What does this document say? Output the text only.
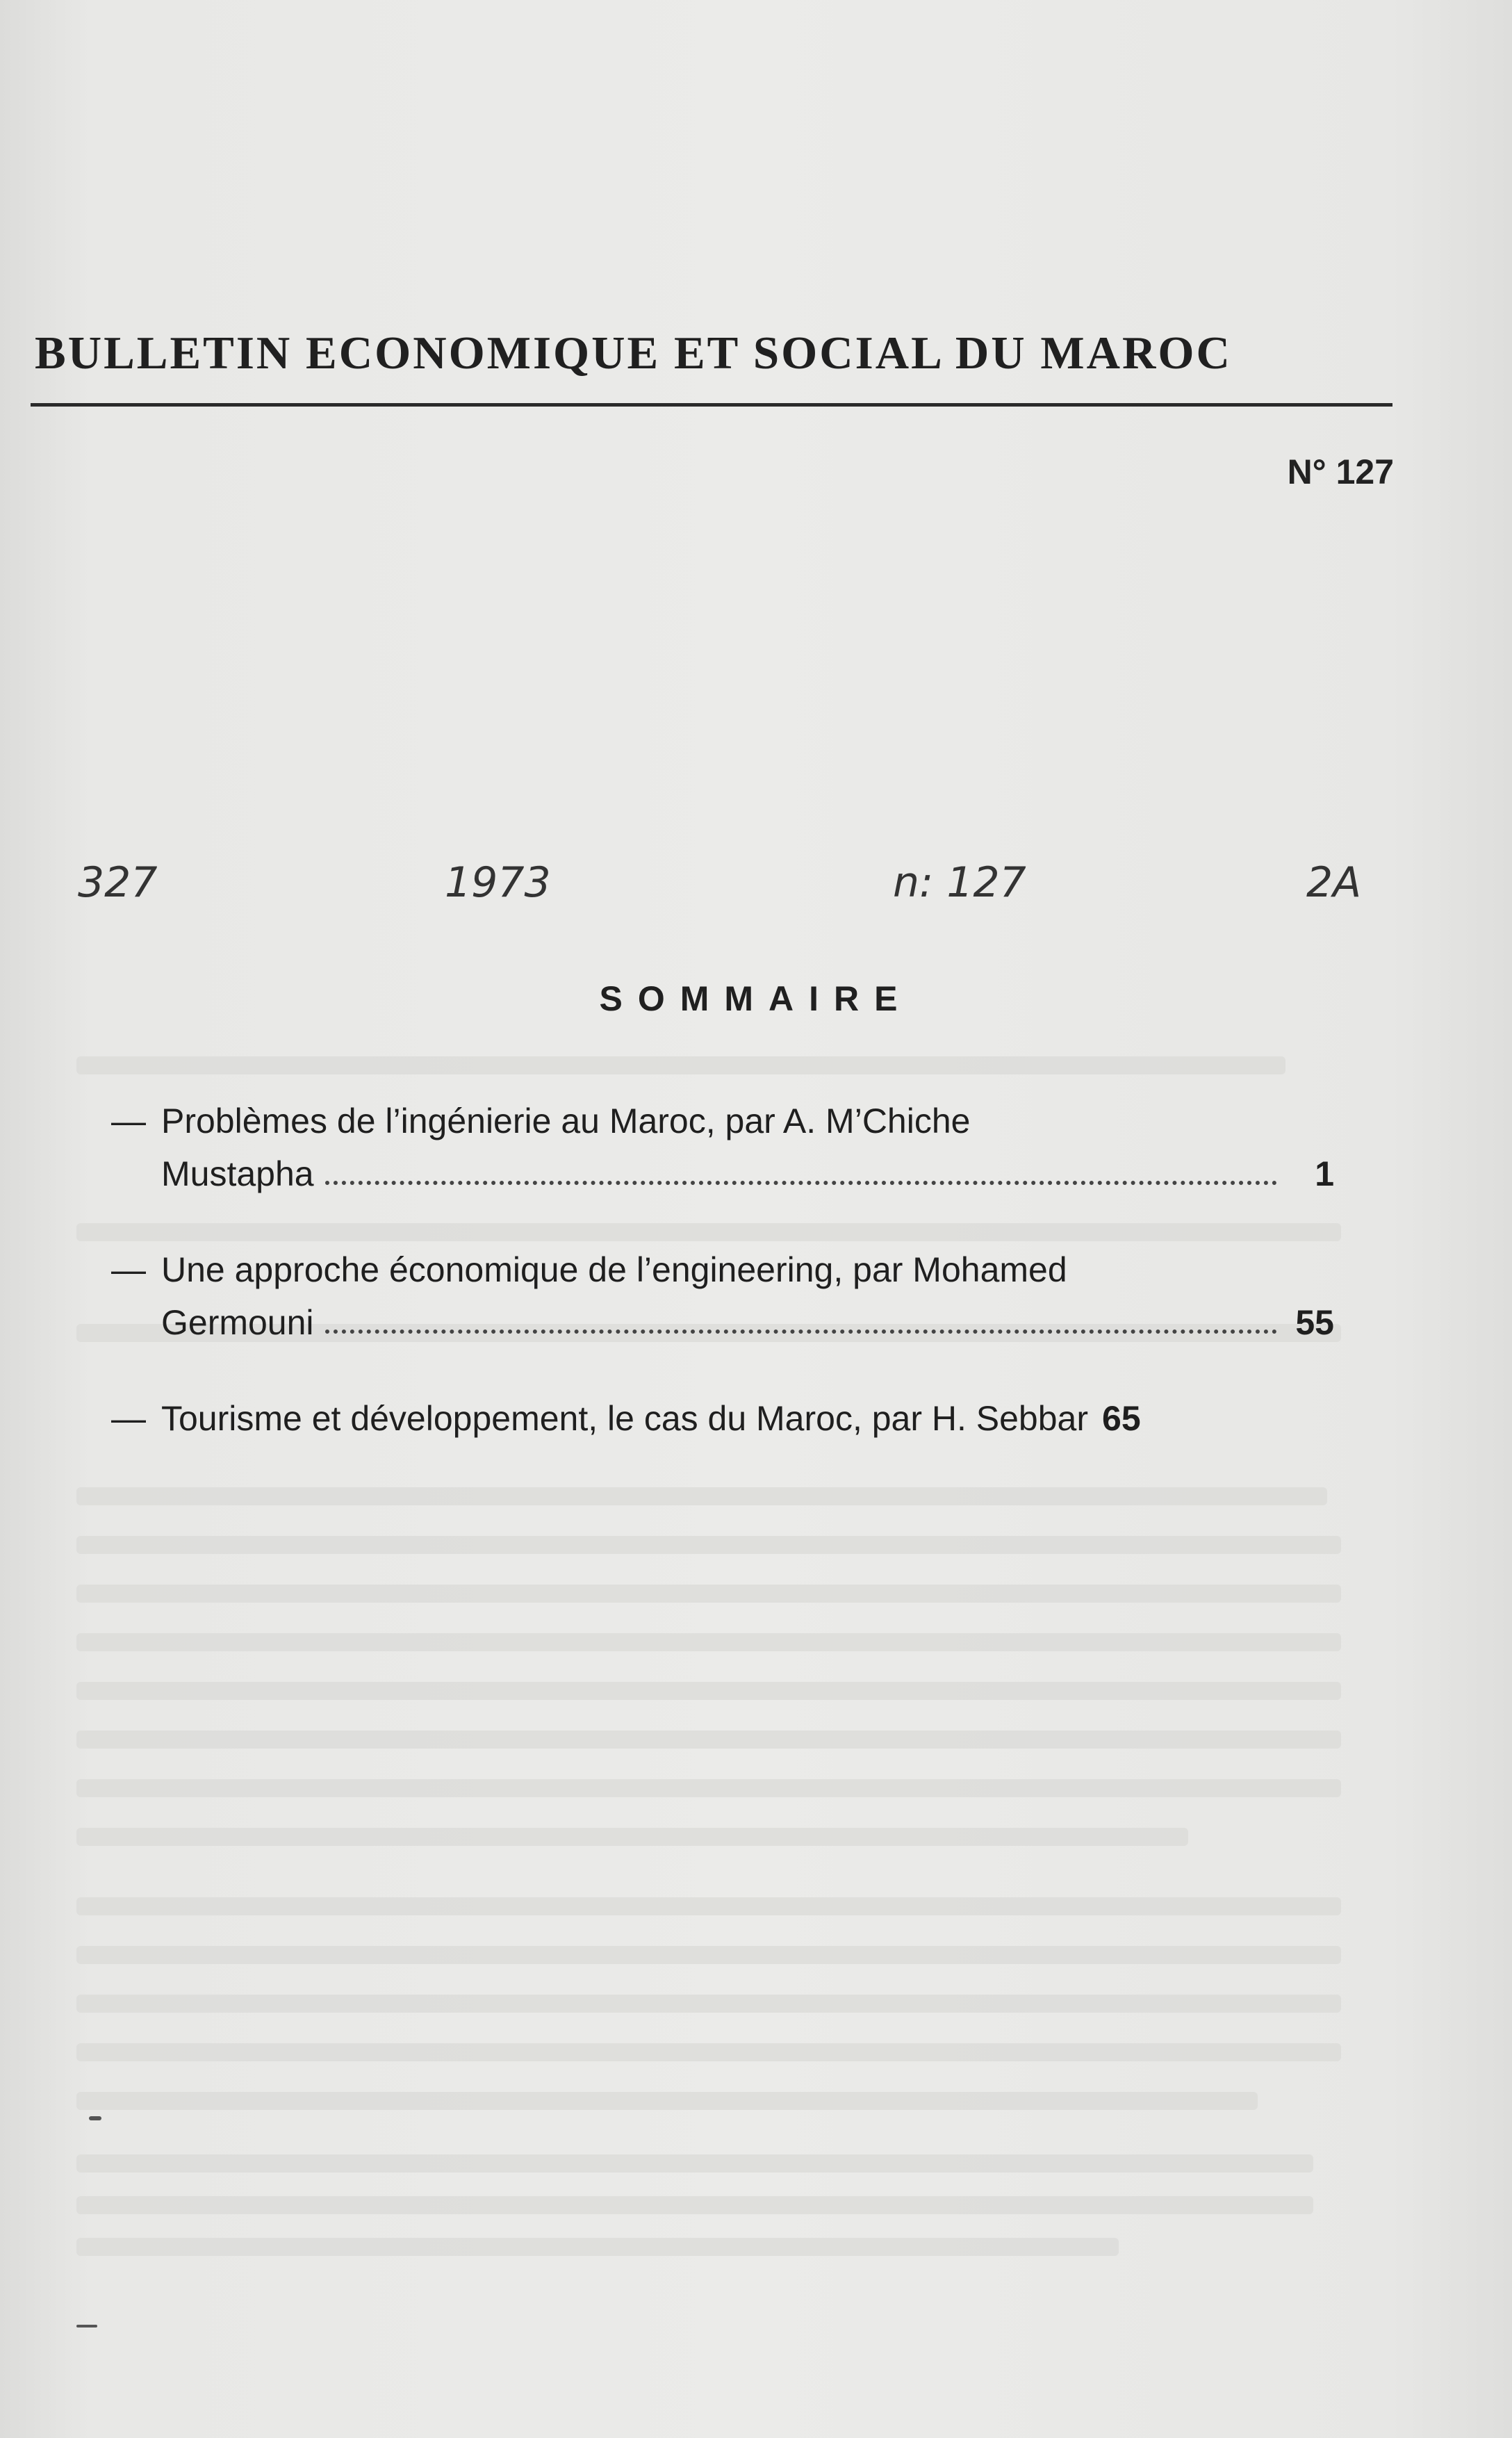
BULLETIN ECONOMIQUE ET SOCIAL DU MAROC
N° 127
327	1973	n: 127	2A
SOMMAIRE
— Problèmes de l’ingénierie au Maroc, par A. M’Chiche
Mustapha	1
— Une approche économique de l’engineering, par Mohamed
Germouni	55
— Tourisme et développement, le cas du Maroc, par H. Sebbar 65
